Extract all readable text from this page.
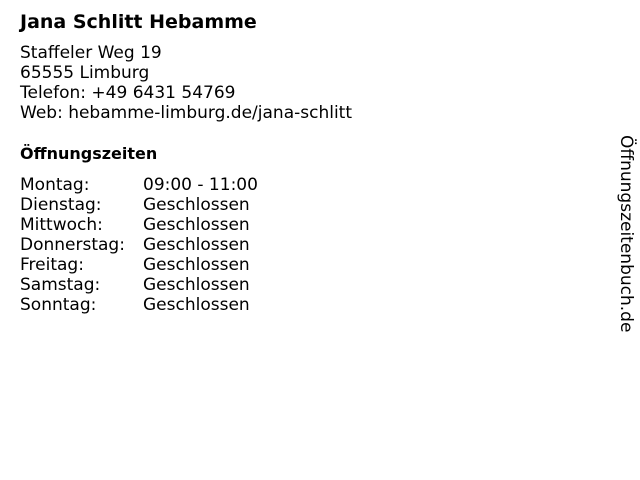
Jana Schlitt Hebamme
Staffeler Weg 19
65555 Limburg
Telefon: +49 6431 54769
Web: hebamme-limburg.de/jana-schlitt
Öffnungszeiten
Montag:	09:00 - 11:00
Dienstag:	Geschlossen
Mittwoch:	Geschlossen
Donnerstag:	Geschlossen
Freitag:	Geschlossen
Samstag:	Geschlossen
Sonntag:	Geschlossen	Öffnungszeitenbuch.de
